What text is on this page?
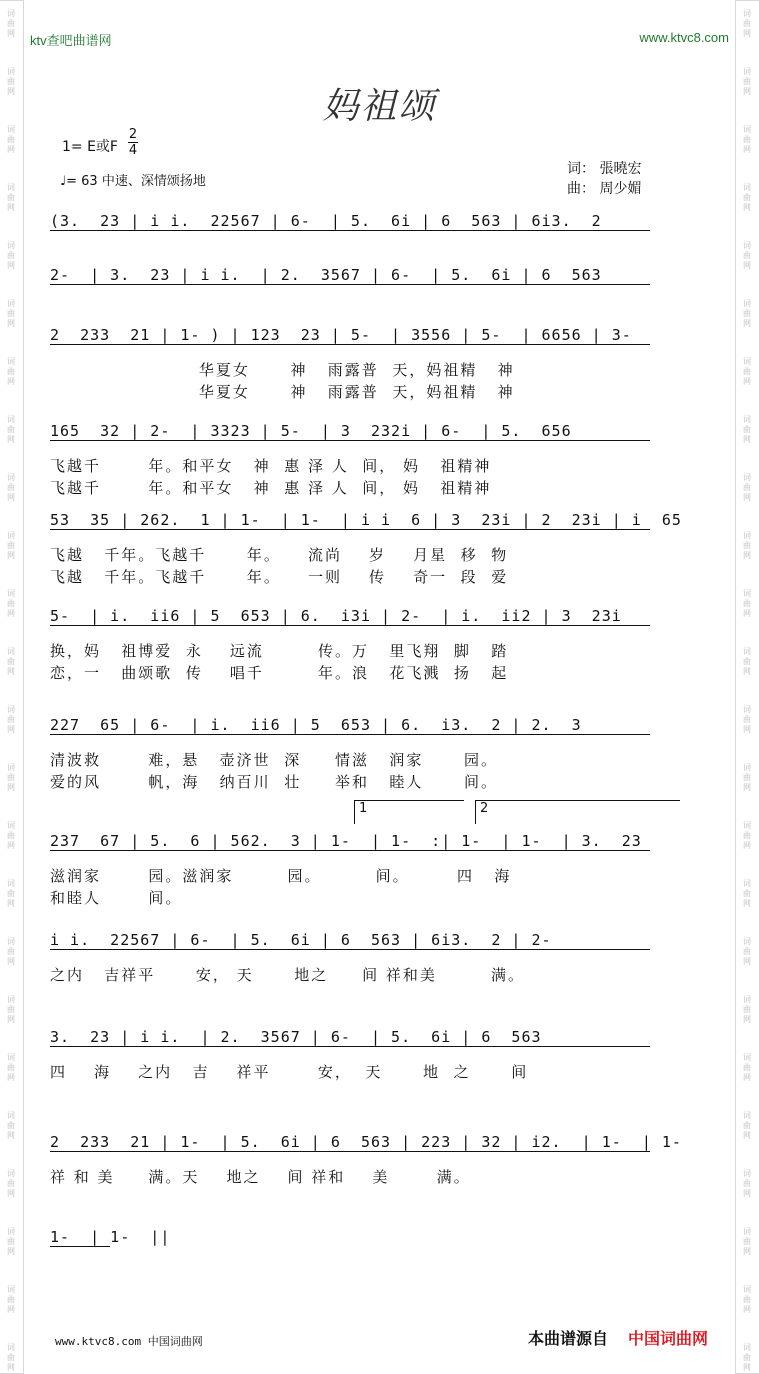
词
曲
网
词
曲
网
词
曲
网
词
曲
网
词
曲
网
词
曲
网
词
曲
网
词
曲
网
词
曲
网
词
曲
网
词
曲
网
词
曲
网
词
曲
网
词
曲
网
词
曲
网
词
曲
网
词
曲
网
词
曲
网
词
曲
网
词
曲
网
词
曲
网
词
曲
网
词
曲
网
词
曲
网
词
曲
网
词
曲
网
词
曲
网
词
曲
网
词
曲
网
词
曲
网
词
曲
网
词
曲
网
词
曲
网
词
曲
网
词
曲
网
词
曲
网
词
曲
网
词
曲
网
词
曲
网
词
曲
网
词
曲
网
词
曲
网
词
曲
网
词
曲
网
词
曲
网
词
曲
网
词
曲
网
词
曲
网
ktv查吧曲谱网	www.ktvc8.com
妈祖颂
1= E或F
2
4
♩= 63 中速、深情颂扬地
词： 張曉宏
曲： 周少媚
(3.  23 | i i.  22567 | 6-  | 5.  6i | 6  563 | 6i3.  2
2-  | 3.  23 | i i.  | 2.  3567 | 6-  | 5.  6i | 6  563
2  233  21 | 1- ) | 123  23 | 5-  | 3556 | 5-  | 6656 | 3-
华夏女      神   雨露普  天，妈祖精   神
华夏女      神   雨露普  天，妈祖精   神
165  32 | 2-  | 3323 | 5-  | 3  232i | 6-  | 5.  656
飞越千       年。和平女   神  惠 泽 人  间， 妈   祖精神
飞越千       年。和平女   神  惠 泽 人  间， 妈   祖精神
53  35 | 262.  1 | 1-  | 1-  | i i  6 | 3  23i | 2  23i | i  65
飞越   千年。飞越千      年。    流尚    岁    月星  移  物
飞越   千年。飞越千      年。    一则    传    奇一  段  爱
5-  | i.  ii6 | 5  653 | 6.  i3i | 2-  | i.  ii2 | 3  23i
换，妈   祖博爱  永    远流        传。万   里飞翔  脚   踏
恋，一   曲颂歌  传    唱千        年。浪   花飞溅  扬   起
227  65 | 6-  | i.  ii6 | 5  653 | 6.  i3.  2 | 2.  3
清波救       难，悬   壶济世  深     情滋   润家      园。
爱的风       帆，海   纳百川  壮     举和   睦人      间。
237  67 | 5.  6 | 562.  3 | 1-  | 1-  :| 1-  | 1-  | 3.  23
滋润家       园。滋润家        园。        间。       四   海
和睦人       间。
i i.  22567 | 6-  | 5.  6i | 6  563 | 6i3.  2 | 2-
之内   吉祥平      安， 天      地之     间 祥和美        满。
3.  23 | i i.  | 2.  3567 | 6-  | 5.  6i | 6  563
四    海    之内   吉    祥平       安，  天      地  之      间
2  233  21 | 1-  | 5.  6i | 6  563 | 223 | 32 | i2.  | 1-  | 1-
祥 和 美     满。天    地之    间 祥和    美       满。
1-  | 1-  ||
1	2
www.ktvc8.com 中国词曲网	本曲谱源自 中国词曲网
